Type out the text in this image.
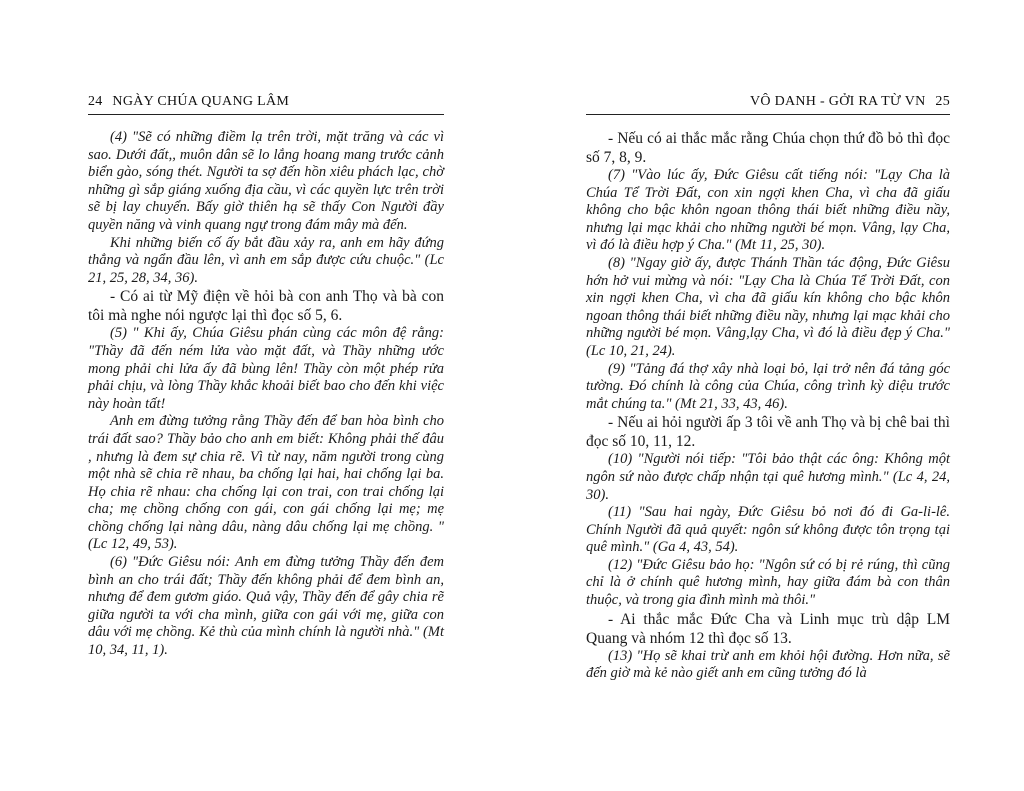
24 NGÀY CHÚA QUANG LÂM

(4) "Sẽ có những điềm lạ trên trời, mặt trăng và các vì sao. Dưới đất,, muôn dân sẽ lo lắng hoang mang trước cảnh biển gào, sóng thét. Người ta sợ đến hồn xiêu phách lạc, chờ những gì sắp giáng xuống địa cầu, vì các quyền lực trên trời sẽ bị lay chuyển. Bấy giờ thiên hạ sẽ thấy Con Người đầy quyền năng và vinh quang ngự trong đám mây mà đến.

Khi những biến cố ấy bắt đầu xảy ra, anh em hãy đứng thẳng và ngẩn đầu lên, vì anh em sắp được cứu chuộc." (Lc 21, 25, 28, 34, 36).

- Có ai từ Mỹ điện về hỏi bà con anh Thọ và bà con tôi mà nghe nói ngược lại thì đọc số 5, 6.

(5) " Khi ấy, Chúa Giêsu phán cùng các môn đệ rằng: "Thầy đã đến ném lửa vào mặt đất, và Thầy những ước mong phải chi lửa ấy đã bùng lên! Thầy còn một phép rửa phải chịu, và lòng Thầy khắc khoải biết bao cho đến khi việc này hoàn tất!

Anh em đừng tưởng rằng Thầy đến để ban hòa bình cho trái đất sao? Thầy bảo cho anh em biết: Không phải thế đâu , nhưng là đem sự chia rẽ. Vì từ nay, năm người trong cùng một nhà sẽ chia rẽ nhau, ba chống lại hai, hai chống lại ba. Họ chia rẽ nhau: cha chống lại con trai, con trai chống lại cha; mẹ chồng chống con gái, con gái chống lại mẹ; mẹ chồng chống lại nàng dâu, nàng dâu chống lại mẹ chồng. "(Lc 12, 49, 53).

(6) "Đức Giêsu nói: Anh em đừng tưởng Thầy đến đem bình an cho trái đất; Thầy đến không phải để đem bình an, nhưng để đem gươm giáo. Quả vậy, Thầy đến để gây chia rẽ giữa người ta với cha mình, giữa con gái với mẹ, giữa con dâu với mẹ chồng. Kẻ thù của mình chính là người nhà." (Mt 10, 34, 11, 1).

VÔ DANH - GỞI RA TỪ VN 25

- Nếu có ai thắc mắc rằng Chúa chọn thứ đồ bỏ thì đọc số 7, 8, 9.

(7) "Vào lúc ấy, Đức Giêsu cất tiếng nói: "Lạy Cha là Chúa Tể Trời Đất, con xin ngợi khen Cha, vì cha đã giấu không cho bậc khôn ngoan thông thái biết những điều nầy, nhưng lại mạc khải cho những người bé mọn. Vâng, lạy Cha, vì đó là điều hợp ý Cha." (Mt 11, 25, 30).

(8) "Ngay giờ ấy, được Thánh Thần tác động, Đức Giêsu hớn hở vui mừng và nói: "Lạy Cha là Chúa Tể Trời Đất, con xin ngợi khen Cha, vì cha đã giấu kín không cho bậc khôn ngoan thông thái biết những điều nầy, nhưng lại mạc khải cho những người bé mọn. Vâng,lạy Cha, vì đó là điều đẹp ý Cha." (Lc 10, 21, 24).

(9) "Tảng đá thợ xây nhà loại bỏ, lại trở nên đá tảng góc tường. Đó chính là công của Chúa, công trình kỳ diệu trước mắt chúng ta." (Mt 21, 33, 43, 46).

- Nếu ai hỏi người ấp 3 tôi về anh Thọ và bị chê bai thì đọc số 10, 11, 12.

(10) "Người nói tiếp: "Tôi bảo thật các ông: Không một ngôn sứ nào được chấp nhận tại quê hương mình." (Lc 4, 24, 30).

(11) "Sau hai ngày, Đức Giêsu bỏ nơi đó đi Ga-li-lê. Chính Người đã quả quyết: ngôn sứ không được tôn trọng tại quê mình." (Ga 4, 43, 54).

(12) "Đức Giêsu bảo họ: "Ngôn sứ có bị rẻ rúng, thì cũng chỉ là ở chính quê hương mình, hay giữa đám bà con thân thuộc, và trong gia đình mình mà thôi."

- Ai thắc mắc Đức Cha và Linh mục trù dập LM Quang và nhóm 12 thì đọc số 13.

(13) "Họ sẽ khai trừ anh em khỏi hội đường. Hơn nữa, sẽ đến giờ mà kẻ nào giết anh em cũng tưởng đó là
